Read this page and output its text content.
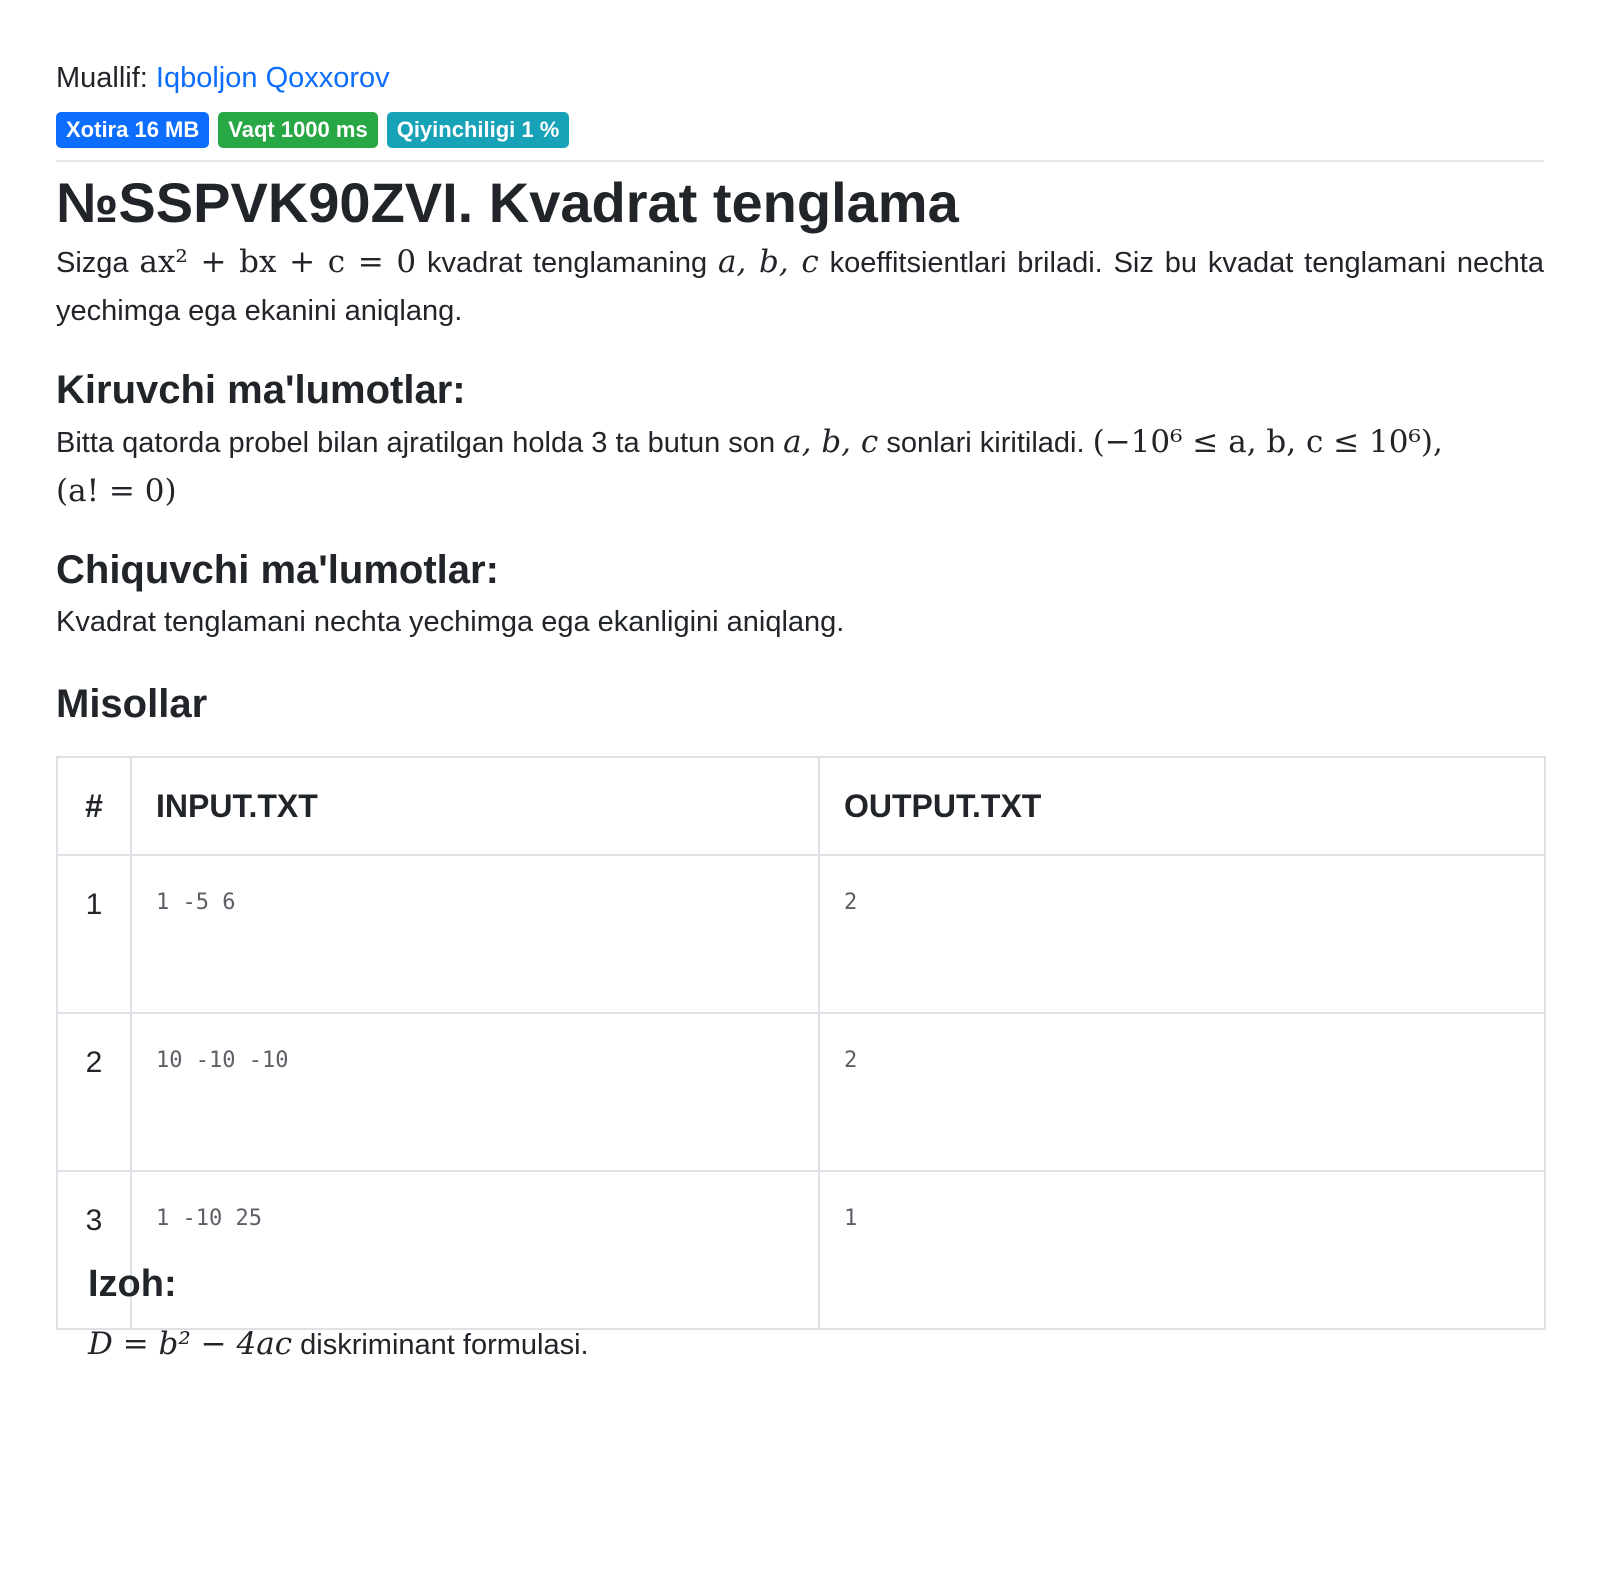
Muallif: Iqboljon Qoxxorov
Xotira 16 MB	Vaqt 1000 ms	Qiyinchiligi 1 %
№SSPVK90ZVI. Kvadrat tenglama

Sizga ax² + bx + c = 0 kvadrat tenglamaning a, b, c koeffitsientlari briladi. Siz bu kvadat tenglamani nechta yechimga ega ekanini aniqlang.

Kiruvchi ma'lumotlar:

Bitta qatorda probel bilan ajratilgan holda 3 ta butun son a, b, c sonlari kiritiladi. (−10⁶ ≤ a, b, c ≤ 10⁶),
(a! = 0)

Chiquvchi ma'lumotlar:

Kvadrat tenglamani nechta yechimga ega ekanligini aniqlang.

Misollar
#	INPUT.TXT	OUTPUT.TXT
1	1 -5 6	2
2	10 -10 -10	2
3	1 -10 25	1
Izoh:
D = b² − 4ac diskriminant formulasi.
